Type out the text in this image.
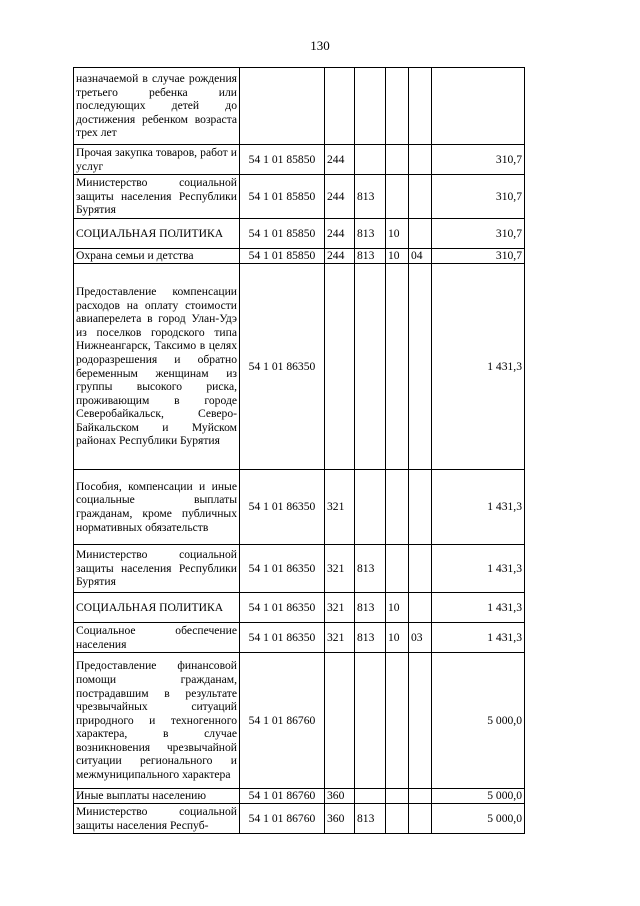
130
назначаемой в случае рождения третьего ребенка или последующих детей до достижения ребенком возраста трех лет						
Прочая закупка товаров, работ и услуг	54 1 01 85850	244				310,7
Министерство социальной защиты населения Республики Бурятия	54 1 01 85850	244	813			310,7
СОЦИАЛЬНАЯ ПОЛИТИКА	54 1 01 85850	244	813	10		310,7
Охрана семьи и детства	54 1 01 85850	244	813	10	04	310,7
Предоставление компенсации расходов на оплату стоимости авиаперелета в город Улан-Удэ из поселков городского типа Нижнеангарск, Таксимо в целях родоразрешения и обратно беременным женщинам из группы высокого риска, проживающим в городе Северобайкальск, Северо-Байкальском и Муйском районах Республики Бурятия	54 1 01 86350					1 431,3
Пособия, компенсации и иные социальные выплаты гражданам, кроме публичных нормативных обязательств	54 1 01 86350	321				1 431,3
Министерство социальной защиты населения Республики Бурятия	54 1 01 86350	321	813			1 431,3
СОЦИАЛЬНАЯ ПОЛИТИКА	54 1 01 86350	321	813	10		1 431,3
Социальное обеспечение населения	54 1 01 86350	321	813	10	03	1 431,3
Предоставление финансовой помощи гражданам, пострадавшим в результате чрезвычайных ситуаций природного и техногенного характера, в случае возникновения чрезвычайной ситуации регионального и межмуниципального характера	54 1 01 86760					5 000,0
Иные выплаты населению	54 1 01 86760	360				5 000,0
Министерство социальной защиты населения Респуб-	54 1 01 86760	360	813			5 000,0
